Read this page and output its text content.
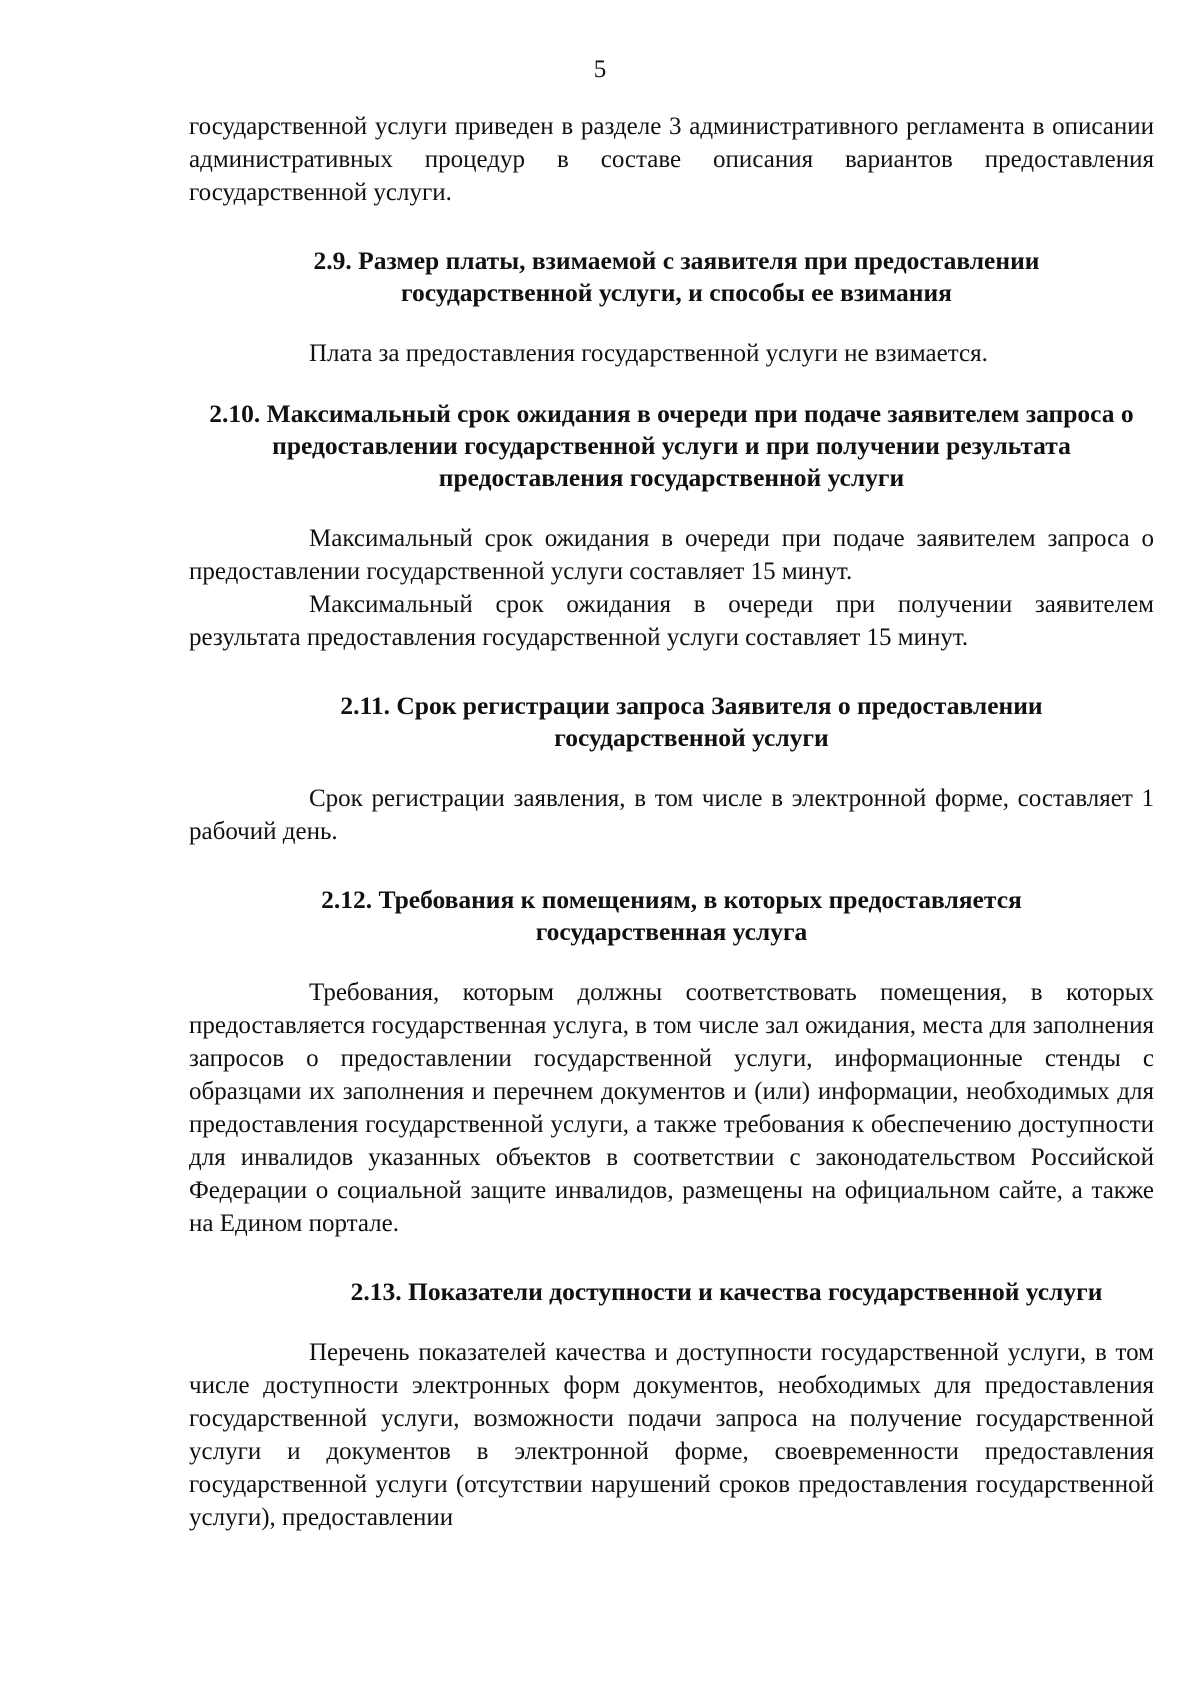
5

государственной услуги приведен в разделе 3 административного регламента в описании административных процедур в составе описания вариантов предоставления государственной услуги.

2.9. Размер платы, взимаемой с заявителя при предоставлении государственной услуги, и способы ее взимания

Плата за предоставления государственной услуги не взимается.

2.10. Максимальный срок ожидания в очереди при подаче заявителем запроса о предоставлении государственной услуги и при получении результата предоставления государственной услуги

Максимальный срок ожидания в очереди при подаче заявителем запроса о предоставлении государственной услуги составляет 15 минут.

Максимальный срок ожидания в очереди при получении заявителем результата предоставления государственной услуги составляет 15 минут.

2.11. Срок регистрации запроса Заявителя о предоставлении государственной услуги

Срок регистрации заявления, в том числе в электронной форме, составляет 1 рабочий день.

2.12. Требования к помещениям, в которых предоставляется государственная услуга

Требования, которым должны соответствовать помещения, в которых предоставляется государственная услуга, в том числе зал ожидания, места для заполнения запросов о предоставлении государственной услуги, информационные стенды с образцами их заполнения и перечнем документов и (или) информации, необходимых для предоставления государственной услуги, а также требования к обеспечению доступности для инвалидов указанных объектов в соответствии с законодательством Российской Федерации о социальной защите инвалидов, размещены на официальном сайте, а также на Едином портале.

2.13. Показатели доступности и качества государственной услуги

Перечень показателей качества и доступности государственной услуги, в том числе доступности электронных форм документов, необходимых для предоставления государственной услуги, возможности подачи запроса на получение государственной услуги и документов в электронной форме, своевременности предоставления государственной услуги (отсутствии нарушений сроков предоставления государственной услуги), предоставлении
